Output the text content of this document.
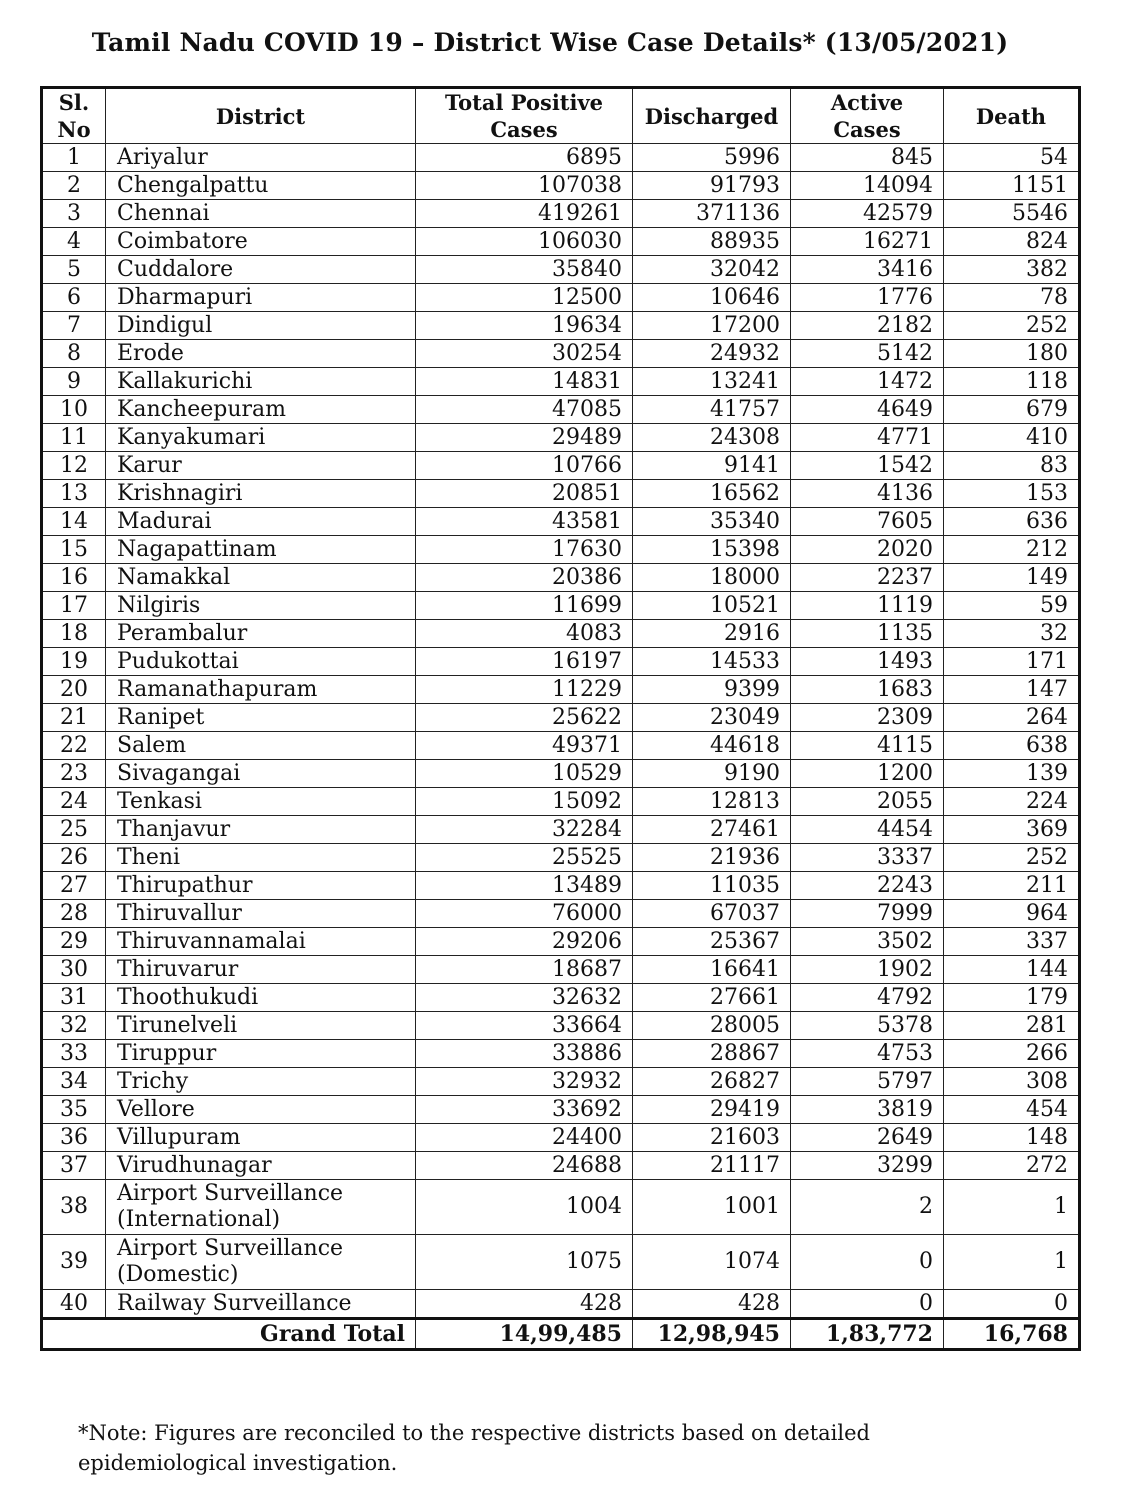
Tamil Nadu COVID 19 – District Wise Case Details* (13/05/2021)
Sl. No	District	Total Positive Cases	Discharged	Active Cases	Death
1	Ariyalur	6895	5996	845	54
2	Chengalpattu	107038	91793	14094	1151
3	Chennai	419261	371136	42579	5546
4	Coimbatore	106030	88935	16271	824
5	Cuddalore	35840	32042	3416	382
6	Dharmapuri	12500	10646	1776	78
7	Dindigul	19634	17200	2182	252
8	Erode	30254	24932	5142	180
9	Kallakurichi	14831	13241	1472	118
10	Kancheepuram	47085	41757	4649	679
11	Kanyakumari	29489	24308	4771	410
12	Karur	10766	9141	1542	83
13	Krishnagiri	20851	16562	4136	153
14	Madurai	43581	35340	7605	636
15	Nagapattinam	17630	15398	2020	212
16	Namakkal	20386	18000	2237	149
17	Nilgiris	11699	10521	1119	59
18	Perambalur	4083	2916	1135	32
19	Pudukottai	16197	14533	1493	171
20	Ramanathapuram	11229	9399	1683	147
21	Ranipet	25622	23049	2309	264
22	Salem	49371	44618	4115	638
23	Sivagangai	10529	9190	1200	139
24	Tenkasi	15092	12813	2055	224
25	Thanjavur	32284	27461	4454	369
26	Theni	25525	21936	3337	252
27	Thirupathur	13489	11035	2243	211
28	Thiruvallur	76000	67037	7999	964
29	Thiruvannamalai	29206	25367	3502	337
30	Thiruvarur	18687	16641	1902	144
31	Thoothukudi	32632	27661	4792	179
32	Tirunelveli	33664	28005	5378	281
33	Tiruppur	33886	28867	4753	266
34	Trichy	32932	26827	5797	308
35	Vellore	33692	29419	3819	454
36	Villupuram	24400	21603	2649	148
37	Virudhunagar	24688	21117	3299	272
38	Airport Surveillance (International)	1004	1001	2	1
39	Airport Surveillance (Domestic)	1075	1074	0	1
40	Railway Surveillance	428	428	0	0
Grand Total		14,99,485	12,98,945	1,83,772	16,768
*Note: Figures are reconciled to the respective districts based on detailed epidemiological investigation.
